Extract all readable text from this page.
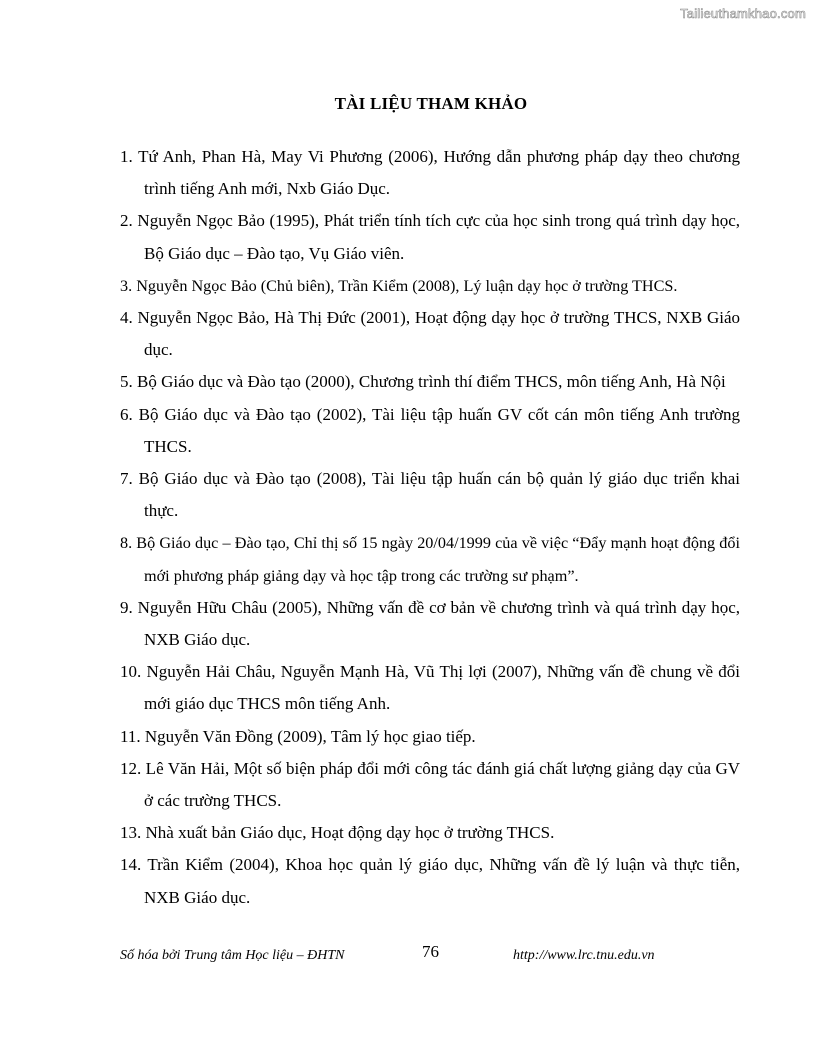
Tailieuthamkhao.com
TÀI LIỆU THAM KHẢO
1. Tứ Anh, Phan Hà, May Vi Phương (2006), Hướng dẫn phương pháp dạy theo chương trình tiếng Anh mới, Nxb Giáo Dục.
2. Nguyễn Ngọc Bảo (1995), Phát triển tính tích cực của học sinh trong quá trình dạy học, Bộ Giáo dục – Đào tạo, Vụ Giáo viên.
3. Nguyễn Ngọc Bảo (Chủ biên), Trần Kiểm (2008), Lý luận dạy học ở trường THCS.
4. Nguyễn Ngọc Bảo, Hà Thị Đức (2001), Hoạt động dạy học ở trường THCS, NXB Giáo dục.
5. Bộ Giáo dục và Đào tạo (2000), Chương trình thí điểm THCS, môn tiếng Anh, Hà Nội
6. Bộ Giáo dục và Đào tạo (2002), Tài liệu tập huấn GV cốt cán môn tiếng Anh trường THCS.
7. Bộ Giáo dục và Đào tạo (2008), Tài liệu tập huấn cán bộ quản lý giáo dục triển khai thực.
8. Bộ Giáo dục – Đào tạo, Chỉ thị số 15 ngày 20/04/1999 của về việc “Đẩy mạnh hoạt động đổi mới phương pháp giảng dạy và học tập trong các trường sư phạm”.
9. Nguyễn Hữu Châu (2005), Những vấn đề cơ bản về chương trình và quá trình dạy học, NXB Giáo dục.
10. Nguyễn Hải Châu, Nguyễn Mạnh Hà, Vũ Thị lợi (2007), Những vấn đề chung về đổi mới giáo dục THCS môn tiếng Anh.
11. Nguyễn Văn Đồng (2009), Tâm lý học giao tiếp.
12. Lê Văn Hải, Một số biện pháp đổi mới công tác đánh giá chất lượng giảng dạy của GV ở các trường THCS.
13. Nhà xuất bản Giáo dục, Hoạt động dạy học ở trường THCS.
14. Trần Kiểm (2004), Khoa học quản lý giáo dục, Những vấn đề lý luận và thực tiễn, NXB Giáo dục.
Số hóa bởi Trung tâm Học liệu – ĐHTN	76	http://www.lrc.tnu.edu.vn
